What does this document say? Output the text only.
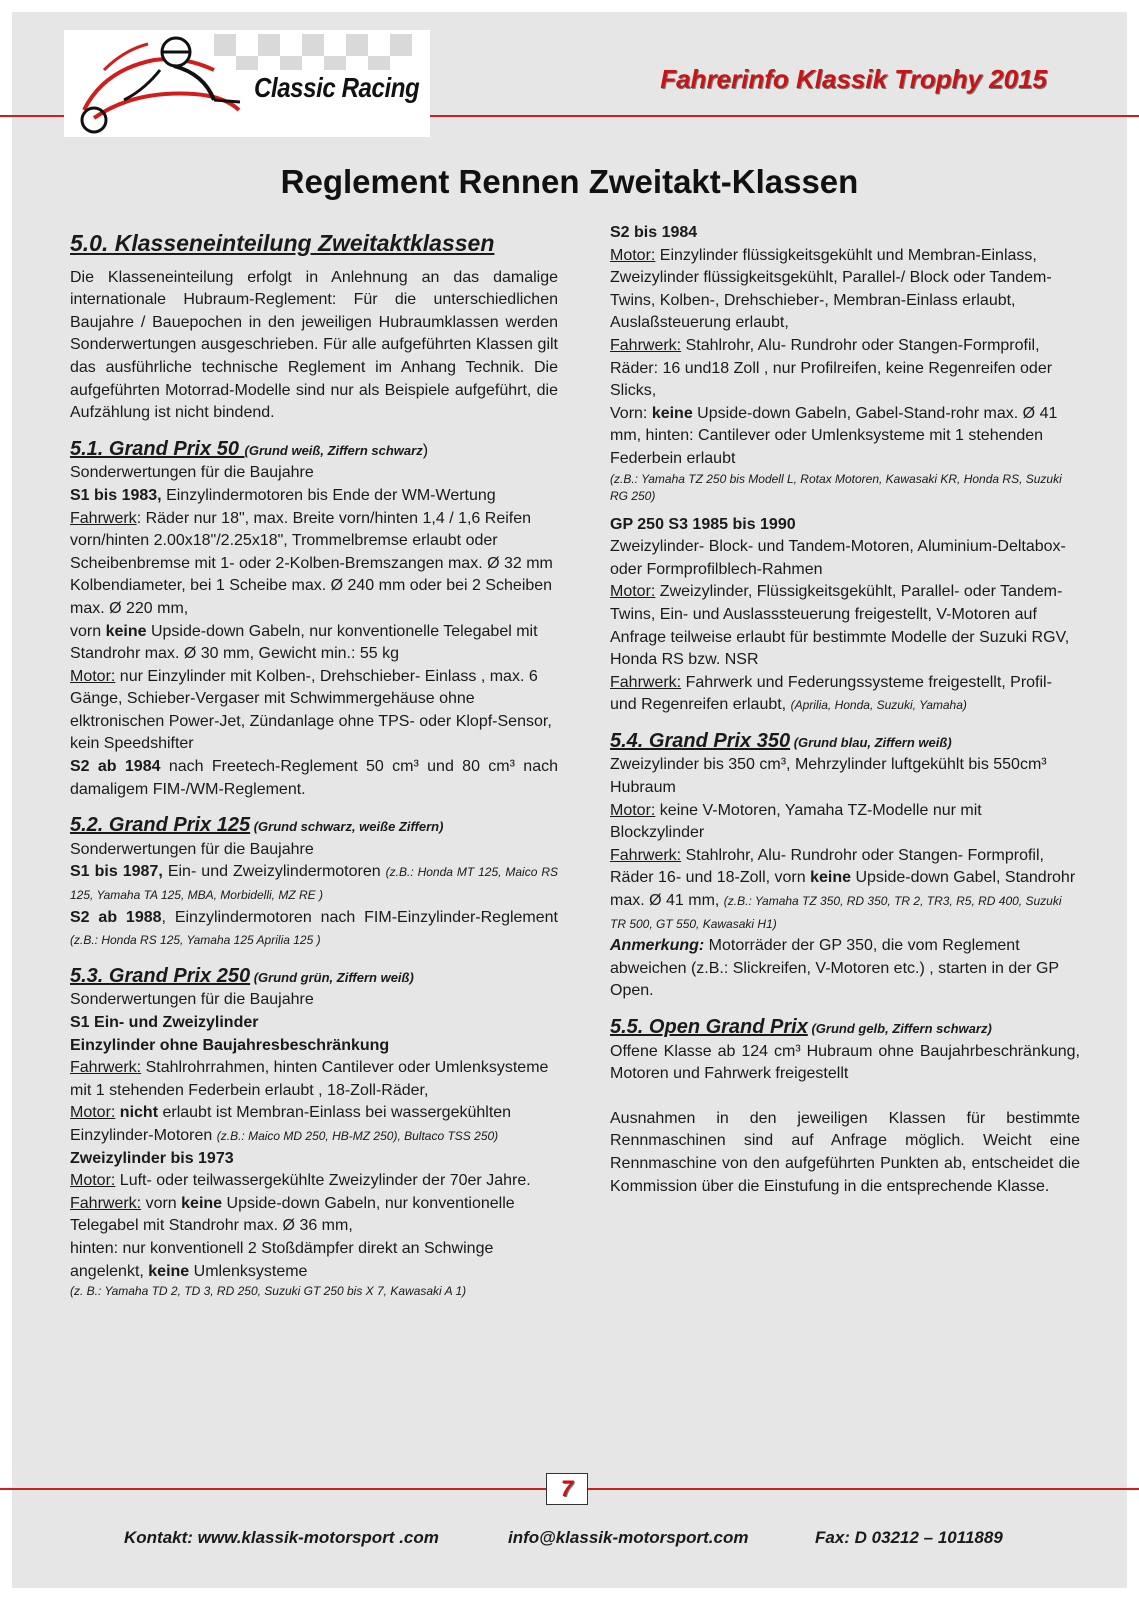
Classic Racing	Fahrerinfo Klassik Trophy 2015
Reglement Rennen Zweitakt-Klassen

5.0. Klasseneinteilung Zweitaktklassen

Die Klasseneinteilung erfolgt in Anlehnung an das damalige internationale Hubraum-Reglement: Für die unterschiedlichen Baujahre / Bauepochen in den jeweiligen Hubraumklassen werden Sonderwertungen ausgeschrieben. Für alle aufgeführten Klassen gilt das ausführliche technische Reglement im Anhang Technik. Die aufgeführten Motorrad-Modelle sind nur als Beispiele aufgeführt, die Aufzählung ist nicht bindend.

5.1. Grand Prix 50 (Grund weiß, Ziffern schwarz)

Sonderwertungen für die Baujahre

S1 bis 1983, Einzylindermotoren bis Ende der WM-Wertung

Fahrwerk: Räder nur 18", max. Breite vorn/hinten 1,4 / 1,6 Reifen vorn/hinten 2.00x18"/2.25x18", Trommelbremse erlaubt oder Scheibenbremse mit 1- oder 2-Kolben-Bremszangen max. Ø 32 mm Kolbendiameter, bei 1 Scheibe max. Ø 240 mm oder bei 2 Scheiben max. Ø 220 mm,

vorn keine Upside-down Gabeln, nur konventionelle Telegabel mit Standrohr max. Ø 30 mm, Gewicht min.: 55 kg

Motor: nur Einzylinder mit Kolben-, Drehschieber- Einlass , max. 6 Gänge, Schieber-Vergaser mit Schwimmergehäuse ohne elktronischen Power-Jet, Zündanlage ohne TPS- oder Klopf-Sensor, kein Speedshifter

S2 ab 1984 nach Freetech-Reglement 50 cm³ und 80 cm³ nach damaligem FIM-/WM-Reglement.

5.2. Grand Prix 125 (Grund schwarz, weiße Ziffern)

Sonderwertungen für die Baujahre

S1 bis 1987, Ein- und Zweizylindermotoren (z.B.: Honda MT 125, Maico RS 125, Yamaha TA 125, MBA, Morbidelli, MZ RE )

S2 ab 1988, Einzylindermotoren nach FIM-Einzylinder-Reglement (z.B.: Honda RS 125, Yamaha 125 Aprilia 125 )

5.3. Grand Prix 250 (Grund grün, Ziffern weiß)

Sonderwertungen für die Baujahre

S1 Ein- und Zweizylinder

Einzylinder ohne Baujahresbeschränkung

Fahrwerk: Stahlrohrrahmen, hinten Cantilever oder Umlenksysteme mit 1 stehenden Federbein erlaubt , 18-Zoll-Räder,

Motor: nicht erlaubt ist Membran-Einlass bei wassergekühlten Einzylinder-Motoren (z.B.: Maico MD 250, HB-MZ 250), Bultaco TSS 250)

Zweizylinder bis 1973

Motor: Luft- oder teilwassergekühlte Zweizylinder der 70er Jahre.

Fahrwerk: vorn keine Upside-down Gabeln, nur konventionelle Telegabel mit Standrohr max. Ø 36 mm,

hinten: nur konventionell 2 Stoßdämpfer direkt an Schwinge angelenkt, keine Umlenksysteme

(z. B.: Yamaha TD 2, TD 3, RD 250, Suzuki GT 250 bis X 7, Kawasaki A 1)

S2 bis 1984

Motor: Einzylinder flüssigkeitsgekühlt und Membran-Einlass, Zweizylinder flüssigkeitsgekühlt, Parallel-/ Block oder Tandem-Twins, Kolben-, Drehschieber-, Membran-Einlass erlaubt, Auslaßsteuerung erlaubt,

Fahrwerk: Stahlrohr, Alu- Rundrohr oder Stangen-Formprofil,

Räder: 16 und18 Zoll , nur Profilreifen, keine Regenreifen oder Slicks,

Vorn: keine Upside-down Gabeln, Gabel-Stand-rohr max. Ø 41 mm, hinten: Cantilever oder Umlenksysteme mit 1 stehenden Federbein erlaubt

(z.B.: Yamaha TZ 250 bis Modell L, Rotax Motoren, Kawasaki KR, Honda RS, Suzuki RG 250)

GP 250 S3 1985 bis 1990

Zweizylinder- Block- und Tandem-Motoren, Aluminium-Deltabox- oder Formprofilblech-Rahmen

Motor: Zweizylinder, Flüssigkeitsgekühlt, Parallel- oder Tandem-Twins, Ein- und Auslasssteuerung freigestellt, V-Motoren auf Anfrage teilweise erlaubt für bestimmte Modelle der Suzuki RGV, Honda RS bzw. NSR

Fahrwerk: Fahrwerk und Federungssysteme freigestellt, Profil- und Regenreifen erlaubt, (Aprilia, Honda, Suzuki, Yamaha)

5.4. Grand Prix 350 (Grund blau, Ziffern weiß)

Zweizylinder bis 350 cm³, Mehrzylinder luftgekühlt bis 550cm³ Hubraum

Motor: keine V-Motoren, Yamaha TZ-Modelle nur mit Blockzylinder

Fahrwerk: Stahlrohr, Alu- Rundrohr oder Stangen- Formprofil, Räder 16- und 18-Zoll, vorn keine Upside-down Gabel, Standrohr max. Ø 41 mm, (z.B.: Yamaha TZ 350, RD 350, TR 2, TR3, R5, RD 400, Suzuki TR 500, GT 550, Kawasaki H1)

Anmerkung: Motorräder der GP 350, die vom Reglement abweichen (z.B.: Slickreifen, V-Motoren etc.) , starten in der GP Open.

5.5. Open Grand Prix (Grund gelb, Ziffern schwarz)

Offene Klasse ab 124 cm³ Hubraum ohne Baujahrbeschränkung, Motoren und Fahrwerk freigestellt

Ausnahmen in den jeweiligen Klassen für bestimmte Rennmaschinen sind auf Anfrage möglich. Weicht eine Rennmaschine von den aufgeführten Punkten ab, entscheidet die Kommission über die Einstufung in die entsprechende Klasse.

7
Kontakt: www.klassik-motorsport .com	info@klassik-motorsport.com	Fax: D 03212 – 1011889
